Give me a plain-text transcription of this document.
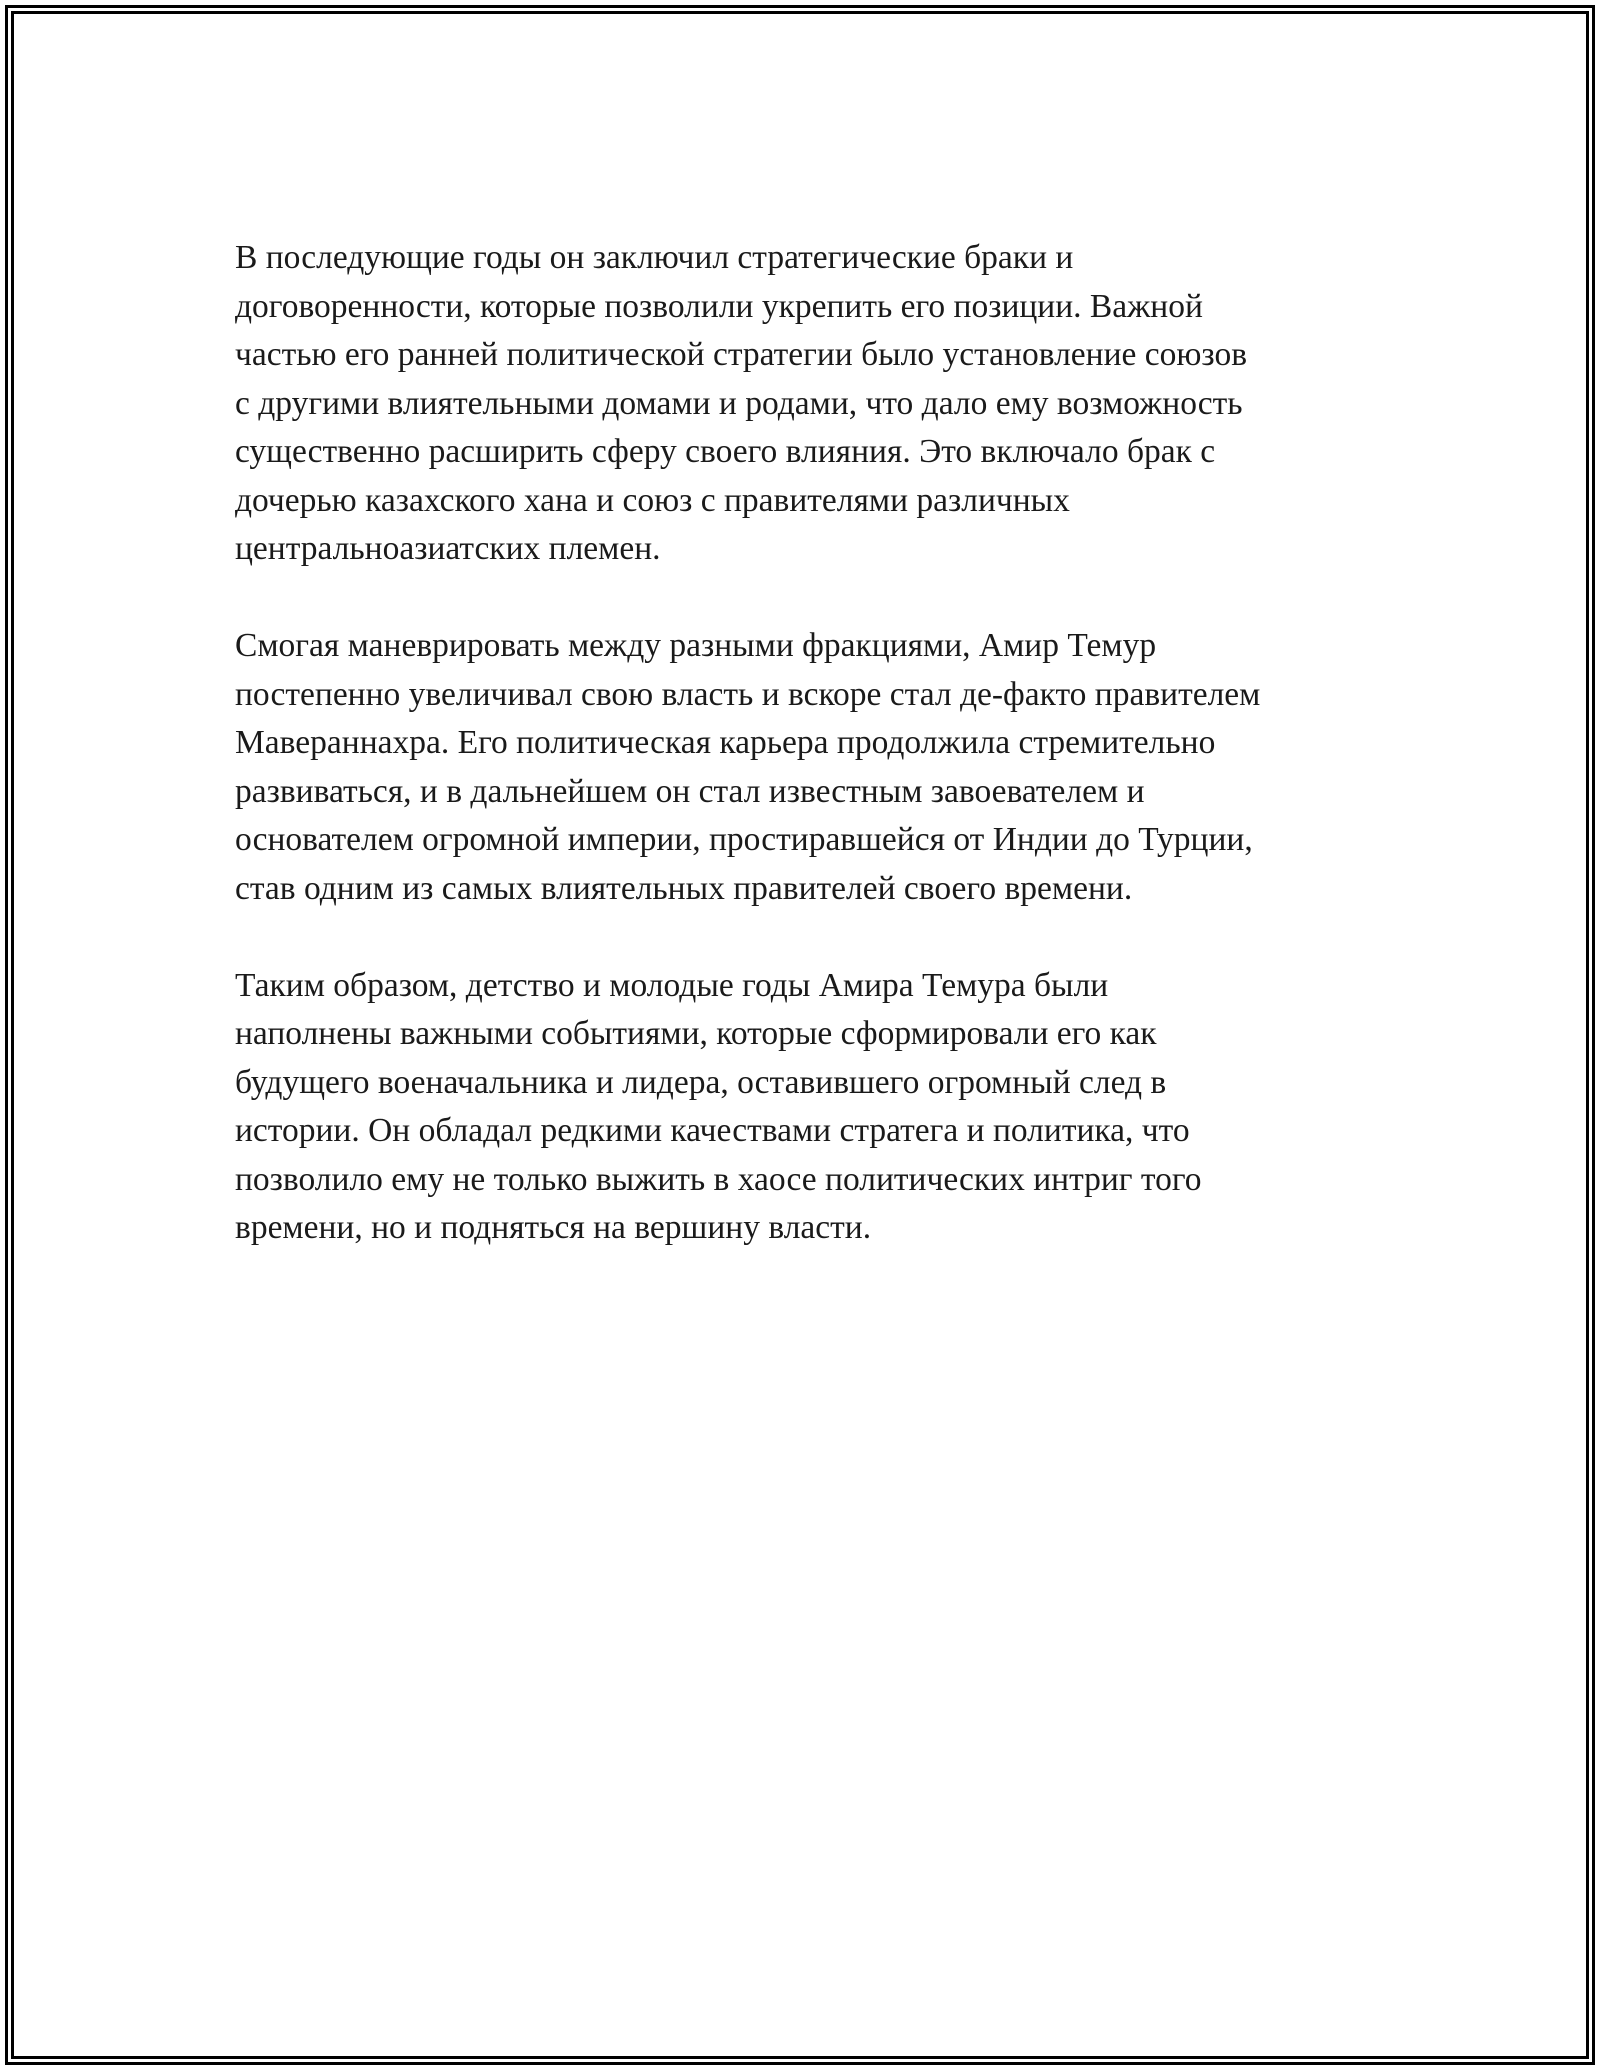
В последующие годы он заключил стратегические браки и
договоренности, которые позволили укрепить его позиции. Важной
частью его ранней политической стратегии было установление союзов
с другими влиятельными домами и родами, что дало ему возможность
существенно расширить сферу своего влияния. Это включало брак с
дочерью казахского хана и союз с правителями различных
центральноазиатских племен.

Смогая маневрировать между разными фракциями, Амир Темур
постепенно увеличивал свою власть и вскоре стал де-факто правителем
Мавераннахра. Его политическая карьера продолжила стремительно
развиваться, и в дальнейшем он стал известным завоевателем и
основателем огромной империи, простиравшейся от Индии до Турции,
став одним из самых влиятельных правителей своего времени.

Таким образом, детство и молодые годы Амира Темура были
наполнены важными событиями, которые сформировали его как
будущего военачальника и лидера, оставившего огромный след в
истории. Он обладал редкими качествами стратега и политика, что
позволило ему не только выжить в хаосе политических интриг того
времени, но и подняться на вершину власти.
